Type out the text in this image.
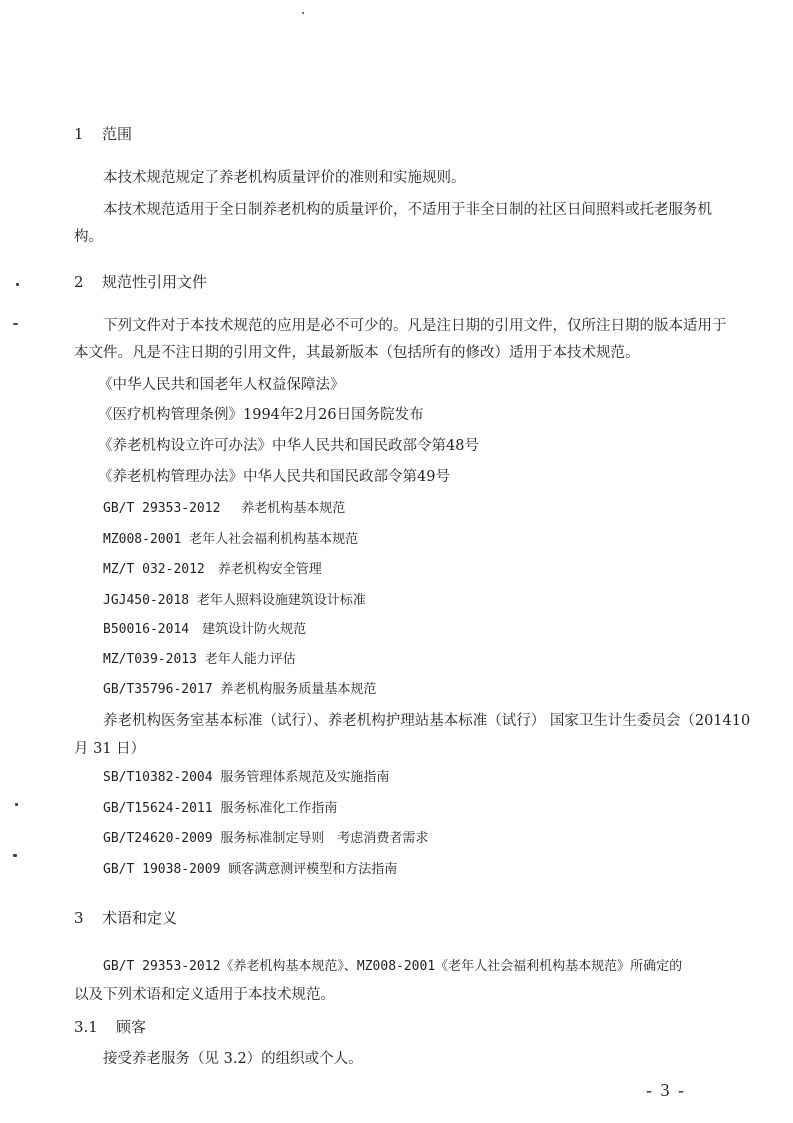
1 范围
本技术规范规定了养老机构质量评价的准则和实施规则。
本技术规范适用于全日制养老机构的质量评价，不适用于非全日制的社区日间照料或托老服务机
构。
2 规范性引用文件
下列文件对于本技术规范的应用是必不可少的。凡是注日期的引用文件，仅所注日期的版本适用于
本文件。凡是不注日期的引用文件，其最新版本（包括所有的修改）适用于本技术规范。
《中华人民共和国老年人权益保障法》
《医疗机构管理条例》1994年2月26日国务院发布
《养老机构设立许可办法》中华人民共和国民政部令第48号
《养老机构管理办法》中华人民共和国民政部令第49号
GB/T 29353-2012　 养老机构基本规范
MZ008-2001 老年人社会福利机构基本规范
MZ/T 032-2012　养老机构安全管理
JGJ450-2018 老年人照料设施建筑设计标准
B50016-2014　建筑设计防火规范
MZ/T039-2013 老年人能力评估
GB/T35796-2017 养老机构服务质量基本规范
养老机构医务室基本标准（试行）、养老机构护理站基本标准（试行） 国家卫生计生委员会（201410
月 31 日）
SB/T10382-2004 服务管理体系规范及实施指南
GB/T15624-2011 服务标准化工作指南
GB/T24620-2009 服务标准制定导则　考虑消费者需求
GB/T 19038-2009 顾客满意测评模型和方法指南
3 术语和定义
GB/T 29353-2012《养老机构基本规范》、MZ008-2001《老年人社会福利机构基本规范》所确定的
以及下列术语和定义适用于本技术规范。
3.1 顾客
接受养老服务（见 3.2）的组织或个人。
- 3 -
